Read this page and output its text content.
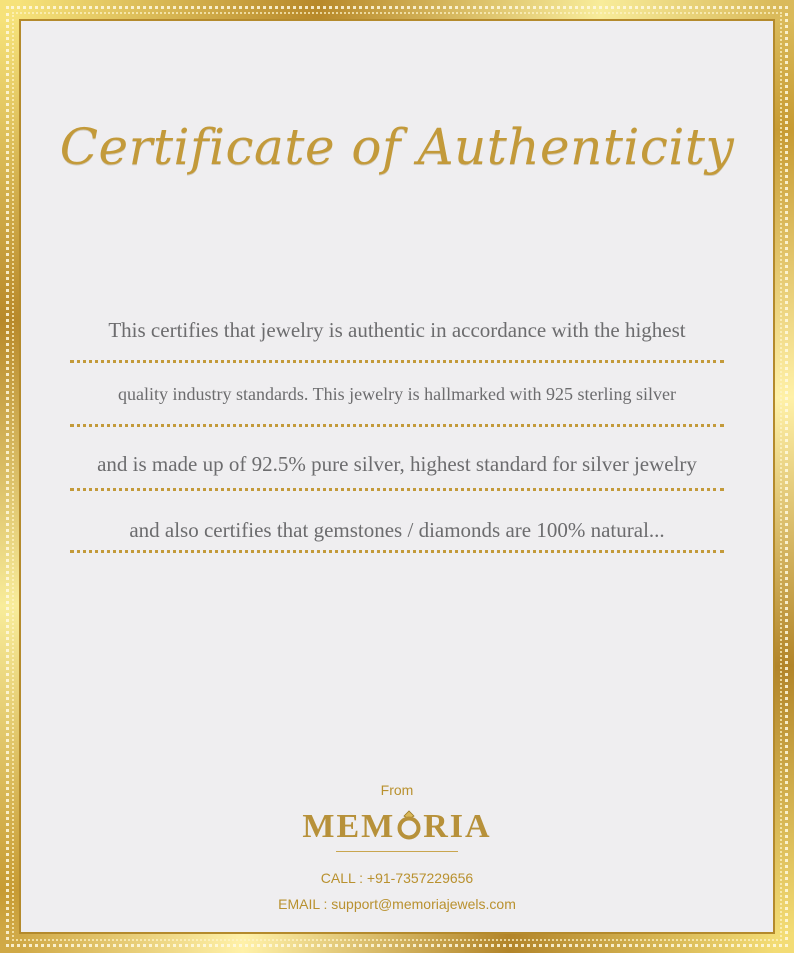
Certificate of Authenticity
This certifies that jewelry is authentic in accordance with the highest
quality industry standards. This jewelry is hallmarked with 925 sterling silver
and is made up of 92.5% pure silver, highest standard for silver jewelry
and also certifies that gemstones / diamonds are 100% natural...
From
MEM RIA
CALL : +91-7357229656
EMAIL : support@memoriajewels.com
